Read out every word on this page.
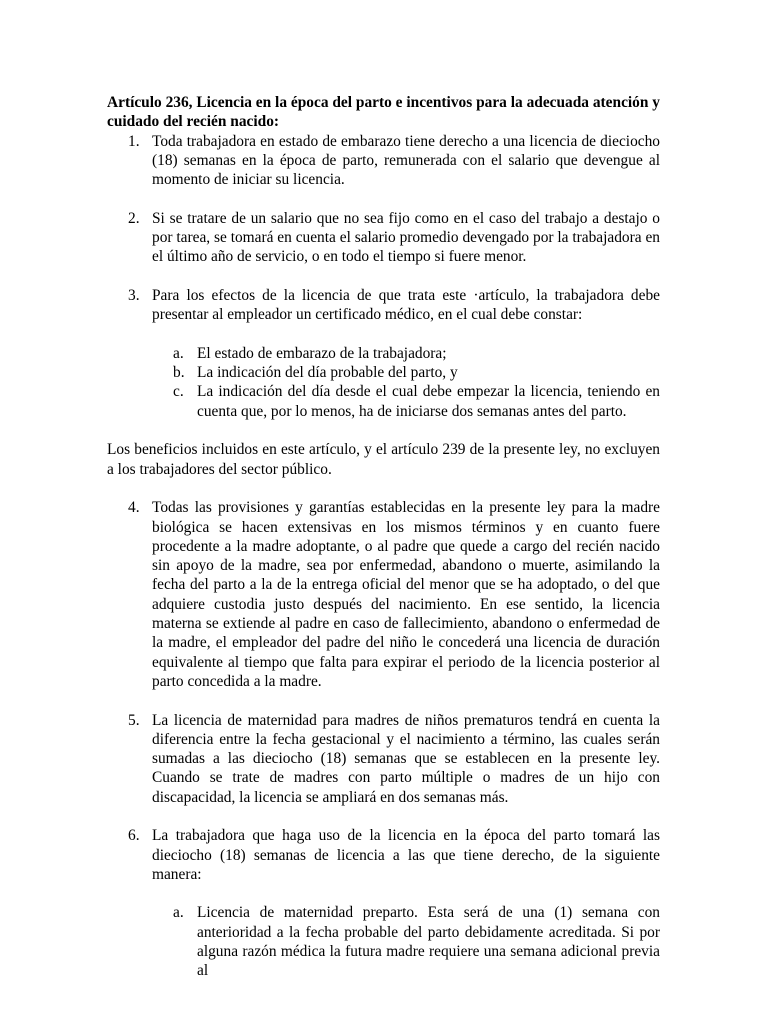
Artículo 236, Licencia en la época del parto e incentivos para la adecuada atención y cuidado del recién nacido:

1. Toda trabajadora en estado de embarazo tiene derecho a una licencia de dieciocho (18) semanas en la época de parto, remunerada con el salario que devengue al momento de iniciar su licencia.
2. Si se tratare de un salario que no sea fijo como en el caso del trabajo a destajo o por tarea, se tomará en cuenta el salario promedio devengado por la trabajadora en el último año de servicio, o en todo el tiempo si fuere menor.
3. Para los efectos de la licencia de que trata este ·artículo, la trabajadora debe presentar al empleador un certificado médico, en el cual debe constar:
a. El estado de embarazo de la trabajadora;
b. La indicación del día probable del parto, y
c. La indicación del día desde el cual debe empezar la licencia, teniendo en cuenta que, por lo menos, ha de iniciarse dos semanas antes del parto.

Los beneficios incluidos en este artículo, y el artículo 239 de la presente ley, no excluyen a los trabajadores del sector público.

4. Todas las provisiones y garantías establecidas en la presente ley para la madre biológica se hacen extensivas en los mismos términos y en cuanto fuere procedente a la madre adoptante, o al padre que quede a cargo del recién nacido sin apoyo de la madre, sea por enfermedad, abandono o muerte, asimilando la fecha del parto a la de la entrega oficial del menor que se ha adoptado, o del que adquiere custodia justo después del nacimiento. En ese sentido, la licencia materna se extiende al padre en caso de fallecimiento, abandono o enfermedad de la madre, el empleador del padre del niño le concederá una licencia de duración equivalente al tiempo que falta para expirar el periodo de la licencia posterior al parto concedida a la madre.
5. La licencia de maternidad para madres de niños prematuros tendrá en cuenta la diferencia entre la fecha gestacional y el nacimiento a término, las cuales serán sumadas a las dieciocho (18) semanas que se establecen en la presente ley. Cuando se trate de madres con parto múltiple o madres de un hijo con discapacidad, la licencia se ampliará en dos semanas más.
6. La trabajadora que haga uso de la licencia en la época del parto tomará las dieciocho (18) semanas de licencia a las que tiene derecho, de la siguiente manera:
a. Licencia de maternidad preparto. Esta será de una (1) semana con anterioridad a la fecha probable del parto debidamente acreditada. Si por alguna razón médica la futura madre requiere una semana adicional previa al
